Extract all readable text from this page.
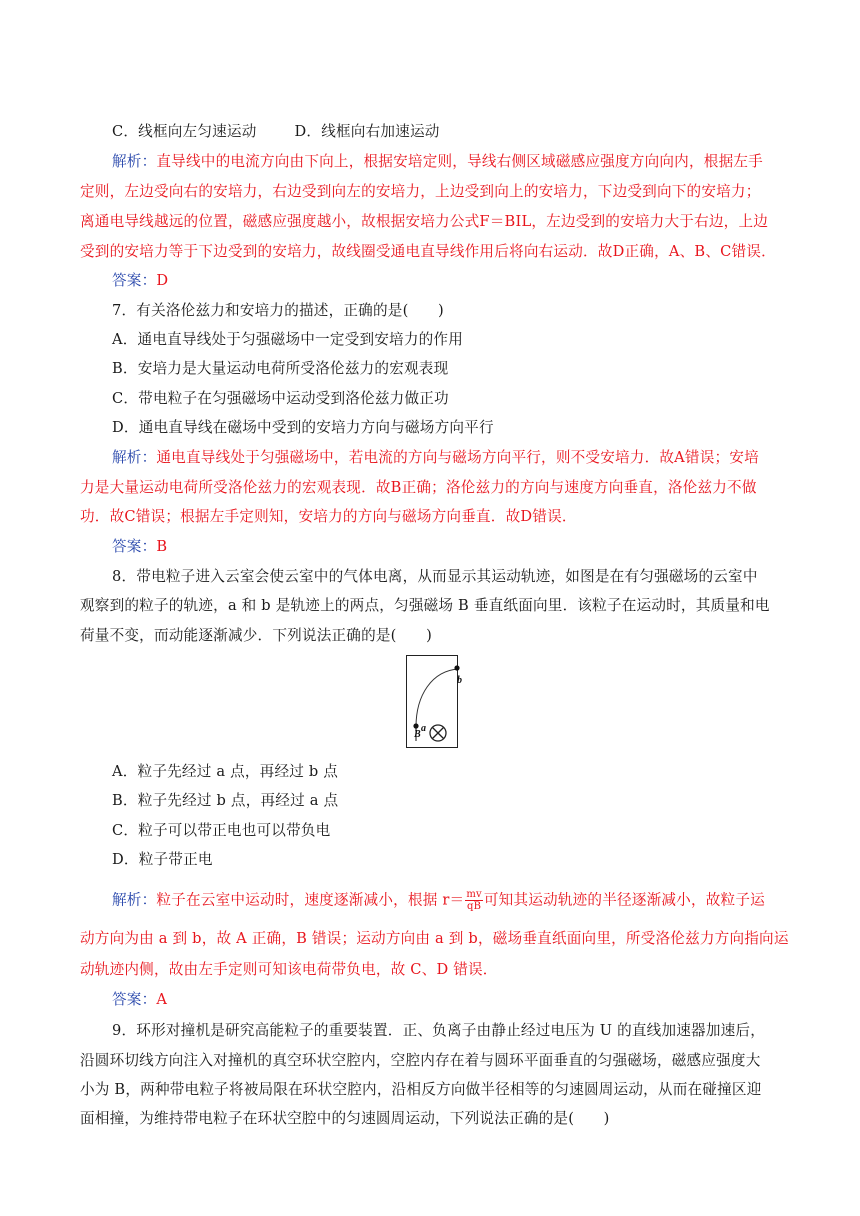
C．线框向左匀速运动	D．线框向右加速运动
解析：直导线中的电流方向由下向上，根据安培定则，导线右侧区域磁感应强度方向向内，根据左手
定则，左边受向右的安培力，右边受到向左的安培力，上边受到向上的安培力，下边受到向下的安培力；
离通电导线越远的位置，磁感应强度越小，故根据安培力公式F＝BIL，左边受到的安培力大于右边，上边
受到的安培力等于下边受到的安培力，故线圈受通电直导线作用后将向右运动．故D正确，A、B、C错误．
答案：D
7．有关洛伦兹力和安培力的描述，正确的是(　　)
A．通电直导线处于匀强磁场中一定受到安培力的作用
B．安培力是大量运动电荷所受洛伦兹力的宏观表现
C．带电粒子在匀强磁场中运动受到洛伦兹力做正功
D．通电直导线在磁场中受到的安培力方向与磁场方向平行
解析：通电直导线处于匀强磁场中，若电流的方向与磁场方向平行，则不受安培力．故A错误；安培
力是大量运动电荷所受洛伦兹力的宏观表现．故B正确；洛伦兹力的方向与速度方向垂直，洛伦兹力不做
功．故C错误；根据左手定则知，安培力的方向与磁场方向垂直．故D错误．
答案：B
8．带电粒子进入云室会使云室中的气体电离，从而显示其运动轨迹，如图是在有匀强磁场的云室中
观察到的粒子的轨迹，a 和 b 是轨迹上的两点，匀强磁场 B 垂直纸面向里．该粒子在运动时，其质量和电
荷量不变，而动能逐渐减少．下列说法正确的是(　　)
a
b
B
A．粒子先经过 a 点，再经过 b 点
B．粒子先经过 b 点，再经过 a 点
C．粒子可以带正电也可以带负电
D．粒子带正电
解析：粒子在云室中运动时，速度逐渐减小，根据 $r= \frac{mv}{qB}$ 可知其运动轨迹的半径逐渐减小，故粒子运
动方向为由 a 到 b，故 A 正确，B 错误；运动方向由 a 到 b，磁场垂直纸面向里，所受洛伦兹力方向指向运
动轨迹内侧，故由左手定则可知该电荷带负电，故 C、D 错误．
答案：A
9．环形对撞机是研究高能粒子的重要装置．正、负离子由静止经过电压为 U 的直线加速器加速后，
沿圆环切线方向注入对撞机的真空环状空腔内，空腔内存在着与圆环平面垂直的匀强磁场，磁感应强度大
小为 B，两种带电粒子将被局限在环状空腔内，沿相反方向做半径相等的匀速圆周运动，从而在碰撞区迎
面相撞，为维持带电粒子在环状空腔中的匀速圆周运动，下列说法正确的是(　　)
